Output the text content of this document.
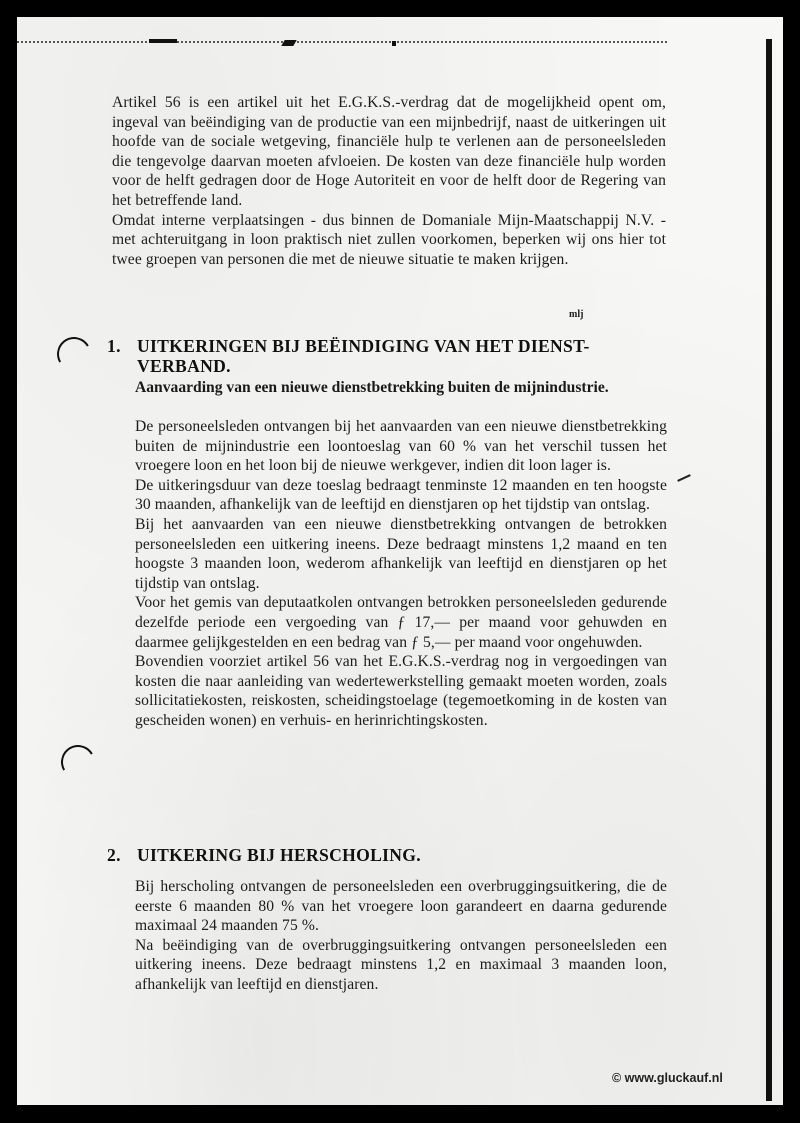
Artikel 56 is een artikel uit het E.G.K.S.-verdrag dat de mogelijkheid opent om, ingeval van beëindiging van de productie van een mijnbedrijf, naast de uitkeringen uit hoofde van de sociale wetgeving, financiële hulp te verlenen aan de personeelsleden die tengevolge daarvan moeten afvloeien. De kosten van deze financiële hulp worden voor de helft gedragen door de Hoge Autoriteit en voor de helft door de Regering van het betreffende land.

Omdat interne verplaatsingen - dus binnen de Domaniale Mijn-Maatschappij N.V. - met achteruitgang in loon praktisch niet zullen voorkomen, beperken wij ons hier tot twee groepen van personen die met de nieuwe situatie te maken krijgen.

mlj
1. UITKERINGEN BIJ BEËINDIGING VAN HET DIENST-VERBAND.
Aanvaarding van een nieuwe dienstbetrekking buiten de mijnindustrie.

De personeelsleden ontvangen bij het aanvaarden van een nieuwe dienstbetrekking buiten de mijnindustrie een loontoeslag van 60 % van het verschil tussen het vroegere loon en het loon bij de nieuwe werkgever, indien dit loon lager is.

De uitkeringsduur van deze toeslag bedraagt tenminste 12 maanden en ten hoogste 30 maanden, afhankelijk van de leeftijd en dienstjaren op het tijdstip van ontslag.

Bij het aanvaarden van een nieuwe dienstbetrekking ontvangen de betrokken personeelsleden een uitkering ineens. Deze bedraagt minstens 1,2 maand en ten hoogste 3 maanden loon, wederom afhankelijk van leeftijd en dienstjaren op het tijdstip van ontslag.

Voor het gemis van deputaatkolen ontvangen betrokken personeelsleden gedurende dezelfde periode een vergoeding van ƒ 17,— per maand voor gehuwden en daarmee gelijkgestelden en een bedrag van ƒ 5,— per maand voor ongehuwden.

Bovendien voorziet artikel 56 van het E.G.K.S.-verdrag nog in vergoedingen van kosten die naar aanleiding van wedertewerkstelling gemaakt moeten worden, zoals sollicitatiekosten, reiskosten, scheidingstoelage (tegemoetkoming in de kosten van gescheiden wonen) en verhuis- en herinrichtingskosten.

2. UITKERING BIJ HERSCHOLING.

Bij herscholing ontvangen de personeelsleden een overbruggingsuitkering, die de eerste 6 maanden 80 % van het vroegere loon garandeert en daarna gedurende maximaal 24 maanden 75 %.

Na beëindiging van de overbruggingsuitkering ontvangen personeelsleden een uitkering ineens. Deze bedraagt minstens 1,2 en maximaal 3 maanden loon, afhankelijk van leeftijd en dienstjaren.

© www.gluckauf.nl
